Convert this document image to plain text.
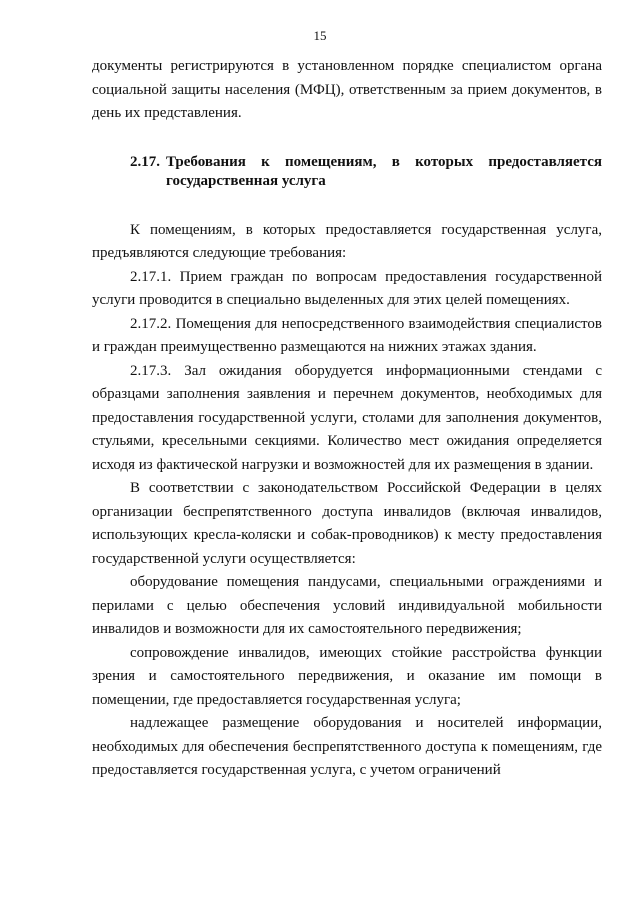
15

документы регистрируются в установленном порядке специалистом органа социальной защиты населения (МФЦ), ответственным за прием документов, в день их представления.

2.17. Требования к помещениям, в которых предоставляется государственная услуга

К помещениям, в которых предоставляется государственная услуга, предъявляются следующие требования:

2.17.1. Прием граждан по вопросам предоставления государственной услуги проводится в специально выделенных для этих целей помещениях.

2.17.2. Помещения для непосредственного взаимодействия специалистов и граждан преимущественно размещаются на нижних этажах здания.

2.17.3. Зал ожидания оборудуется информационными стендами с образцами заполнения заявления и перечнем документов, необходимых для предоставления государственной услуги, столами для заполнения документов, стульями, кресельными секциями. Количество мест ожидания определяется исходя из фактической нагрузки и возможностей для их размещения в здании.

В соответствии с законодательством Российской Федерации в целях организации беспрепятственного доступа инвалидов (включая инвалидов, использующих кресла-коляски и собак-проводников) к месту предоставления государственной услуги осуществляется:

оборудование помещения пандусами, специальными ограждениями и перилами с целью обеспечения условий индивидуальной мобильности инвалидов и возможности для их самостоятельного передвижения;

сопровождение инвалидов, имеющих стойкие расстройства функции зрения и самостоятельного передвижения, и оказание им помощи в помещении, где предоставляется государственная услуга;

надлежащее размещение оборудования и носителей информации, необходимых для обеспечения беспрепятственного доступа к помещениям, где предоставляется государственная услуга, с учетом ограничений
